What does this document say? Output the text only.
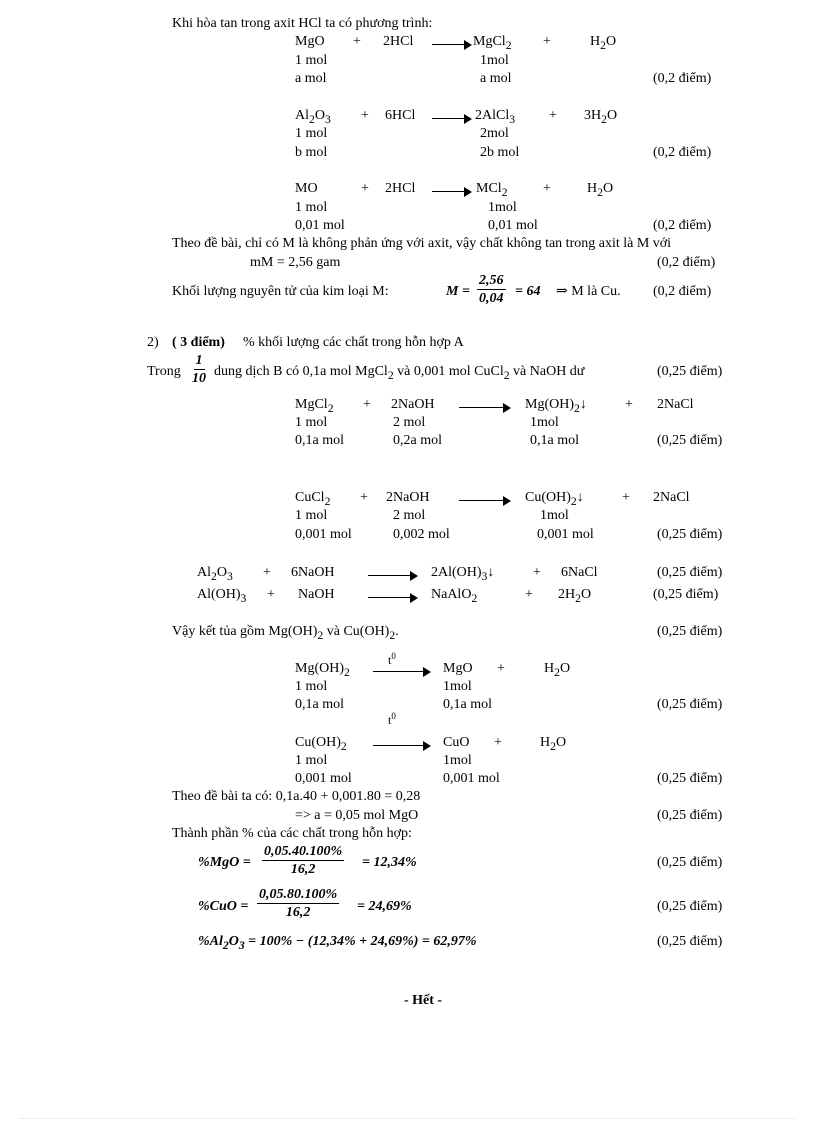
Khi hòa tan trong axit HCl ta có phương trình:
MgO + 2HCl	MgCl$_2$ +	$H_2O$
1 mol	1mol
a mol	a mol	(0,2 điểm)
$Al_2O_3 + 6HCl$	2AlCl$_3$ + $3H_2O$
1 mol	2mol
b mol	2b mol	(0,2 điểm)
MO	+ 2HCl	MCl$_2$	+	$H_2O$
1 mol	1mol
0,01 mol	0,01 mol	(0,2 điểm)
Theo đề bài, chỉ có M là không phản ứng với axit, vậy chất không tan trong axit là M với
mM = 2,56 gam	(0,2 điểm)
Khối lượng nguyên tử của kim loại M:	$M = \frac{2,56}{0,04} = 64$ ⇒ M là Cu. (0,2 điểm)
2) ( 3 điểm) % khối lượng các chất trong hỗn hợp A
Trong $\frac{1}{10}$ dung dịch B có 0,1a mol MgCl$_2$ và 0,001 mol CuCl$_2$ và NaOH dư	(0,25 điểm)
MgCl$_2$ + 2NaOH	$Mg(OH)_2↓$	+ 2NaCl
1 mol	2 mol	1mol
0,1a mol	0,2a mol	0,1a mol	(0,25 điểm)
CuCl$_2$ + 2NaOH	$Cu(OH)_2↓$	+ 2NaCl
1 mol	2 mol	1mol
0,001 mol	0,002 mol	0,001 mol	(0,25 điểm)
$Al_2O_3$ + 6NaOH	$2Al(OH)_3↓$	+ 6NaCl	(0,25 điểm)
$Al(OH)_3$ + NaOH	NaAlO$_2$	+ $2H_2O$	(0,25 điểm)
Vậy kết tủa gồm $Mg(OH)_2$ và $Cu(OH)_2$.	(0,25 điểm)
$t^0$
$Mg(OH)_2$	MgO +	$H_2O$
1 mol	1mol
0,1a mol	0,1a mol	(0,25 điểm)
$t^0$
$Cu(OH)_2$	CuO +	$H_2O$
1 mol	1mol
0,001 mol	0,001 mol	(0,25 điểm)
Theo đề bài ta có: 0,1a.40 + 0,001.80 = 0,28
=> a = 0,05 mol MgO	(0,25 điểm)
Thành phần % của các chất trong hỗn hợp:
$\%MgO = \frac{0,05.40.100\%}{16,2} = 12,34\%$	(0,25 điểm)
$\%CuO = \frac{0,05.80.100\%}{16,2} = 24,69\%$	(0,25 điểm)
$\%Al_2O_3 = 100\% - (12,34\% + 24,69\%) = 62,97\%$	(0,25 điểm)
- Hết -
